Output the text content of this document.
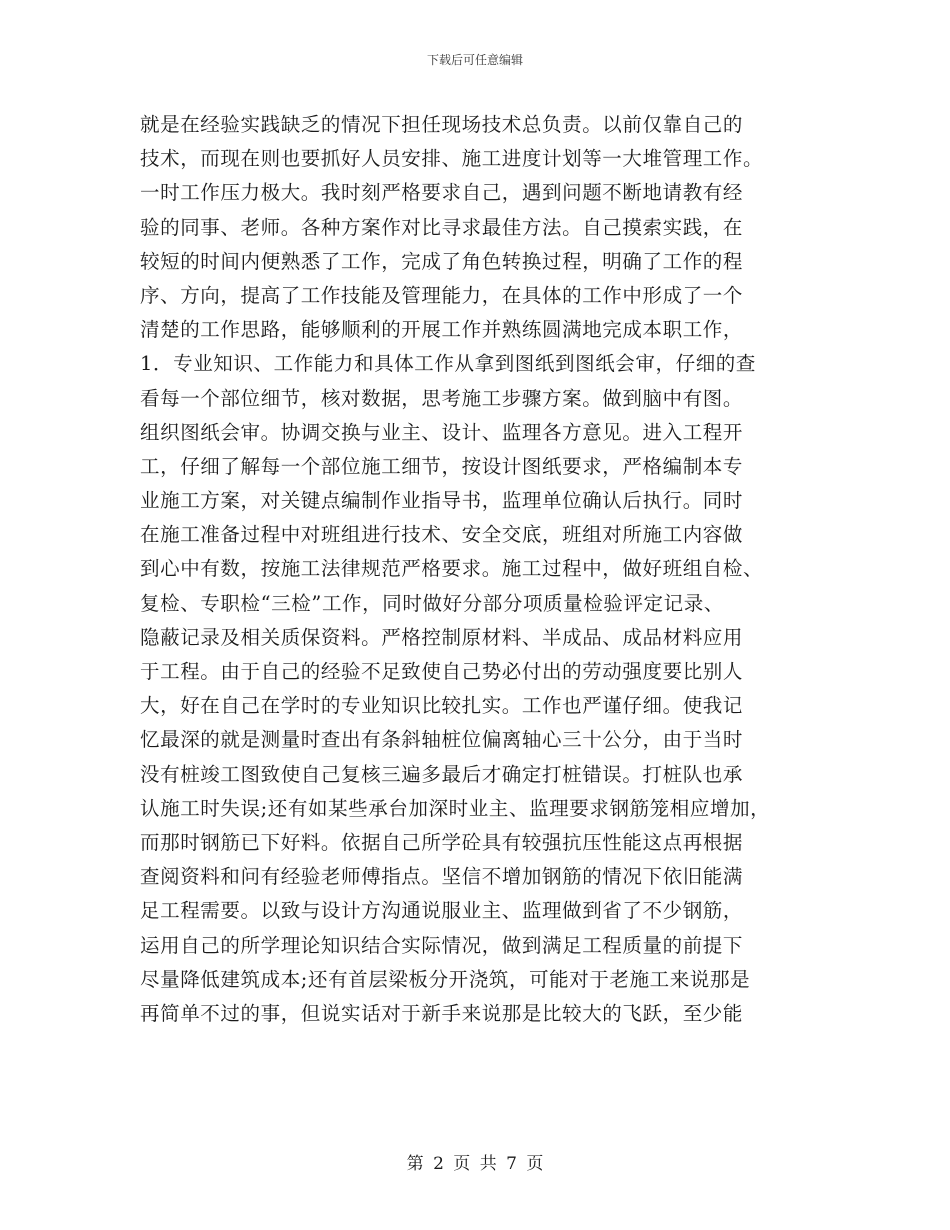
下载后可任意编辑
就是在经验实践缺乏的情况下担任现场技术总负责。以前仅靠自己的
技术，而现在则也要抓好人员安排、施工进度计划等一大堆管理工作。
一时工作压力极大。我时刻严格要求自己，遇到问题不断地请教有经
验的同事、老师。各种方案作对比寻求最佳方法。自己摸索实践，在
较短的时间内便熟悉了工作，完成了角色转换过程，明确了工作的程
序、方向，提高了工作技能及管理能力，在具体的工作中形成了一个
清楚的工作思路，能够顺利的开展工作并熟练圆满地完成本职工作，
1．专业知识、工作能力和具体工作从拿到图纸到图纸会审，仔细的查
看每一个部位细节，核对数据，思考施工步骤方案。做到脑中有图。
组织图纸会审。协调交换与业主、设计、监理各方意见。进入工程开
工，仔细了解每一个部位施工细节，按设计图纸要求，严格编制本专
业施工方案，对关键点编制作业指导书，监理单位确认后执行。同时
在施工准备过程中对班组进行技术、安全交底，班组对所施工内容做
到心中有数，按施工法律规范严格要求。施工过程中，做好班组自检、
复检、专职检“三检”工作，同时做好分部分项质量检验评定记录、
隐蔽记录及相关质保资料。严格控制原材料、半成品、成品材料应用
于工程。由于自己的经验不足致使自己势必付出的劳动强度要比别人
大，好在自己在学时的专业知识比较扎实。工作也严谨仔细。使我记
忆最深的就是测量时查出有条斜轴桩位偏离轴心三十公分，由于当时
没有桩竣工图致使自己复核三遍多最后才确定打桩错误。打桩队也承
认施工时失误;还有如某些承台加深时业主、监理要求钢筋笼相应增加，
而那时钢筋已下好料。依据自己所学砼具有较强抗压性能这点再根据
查阅资料和问有经验老师傅指点。坚信不增加钢筋的情况下依旧能满
足工程需要。以致与设计方沟通说服业主、监理做到省了不少钢筋，
运用自己的所学理论知识结合实际情况，做到满足工程质量的前提下
尽量降低建筑成本;还有首层梁板分开浇筑，可能对于老施工来说那是
再简单不过的事，但说实话对于新手来说那是比较大的飞跃，至少能
第 2 页 共 7 页
